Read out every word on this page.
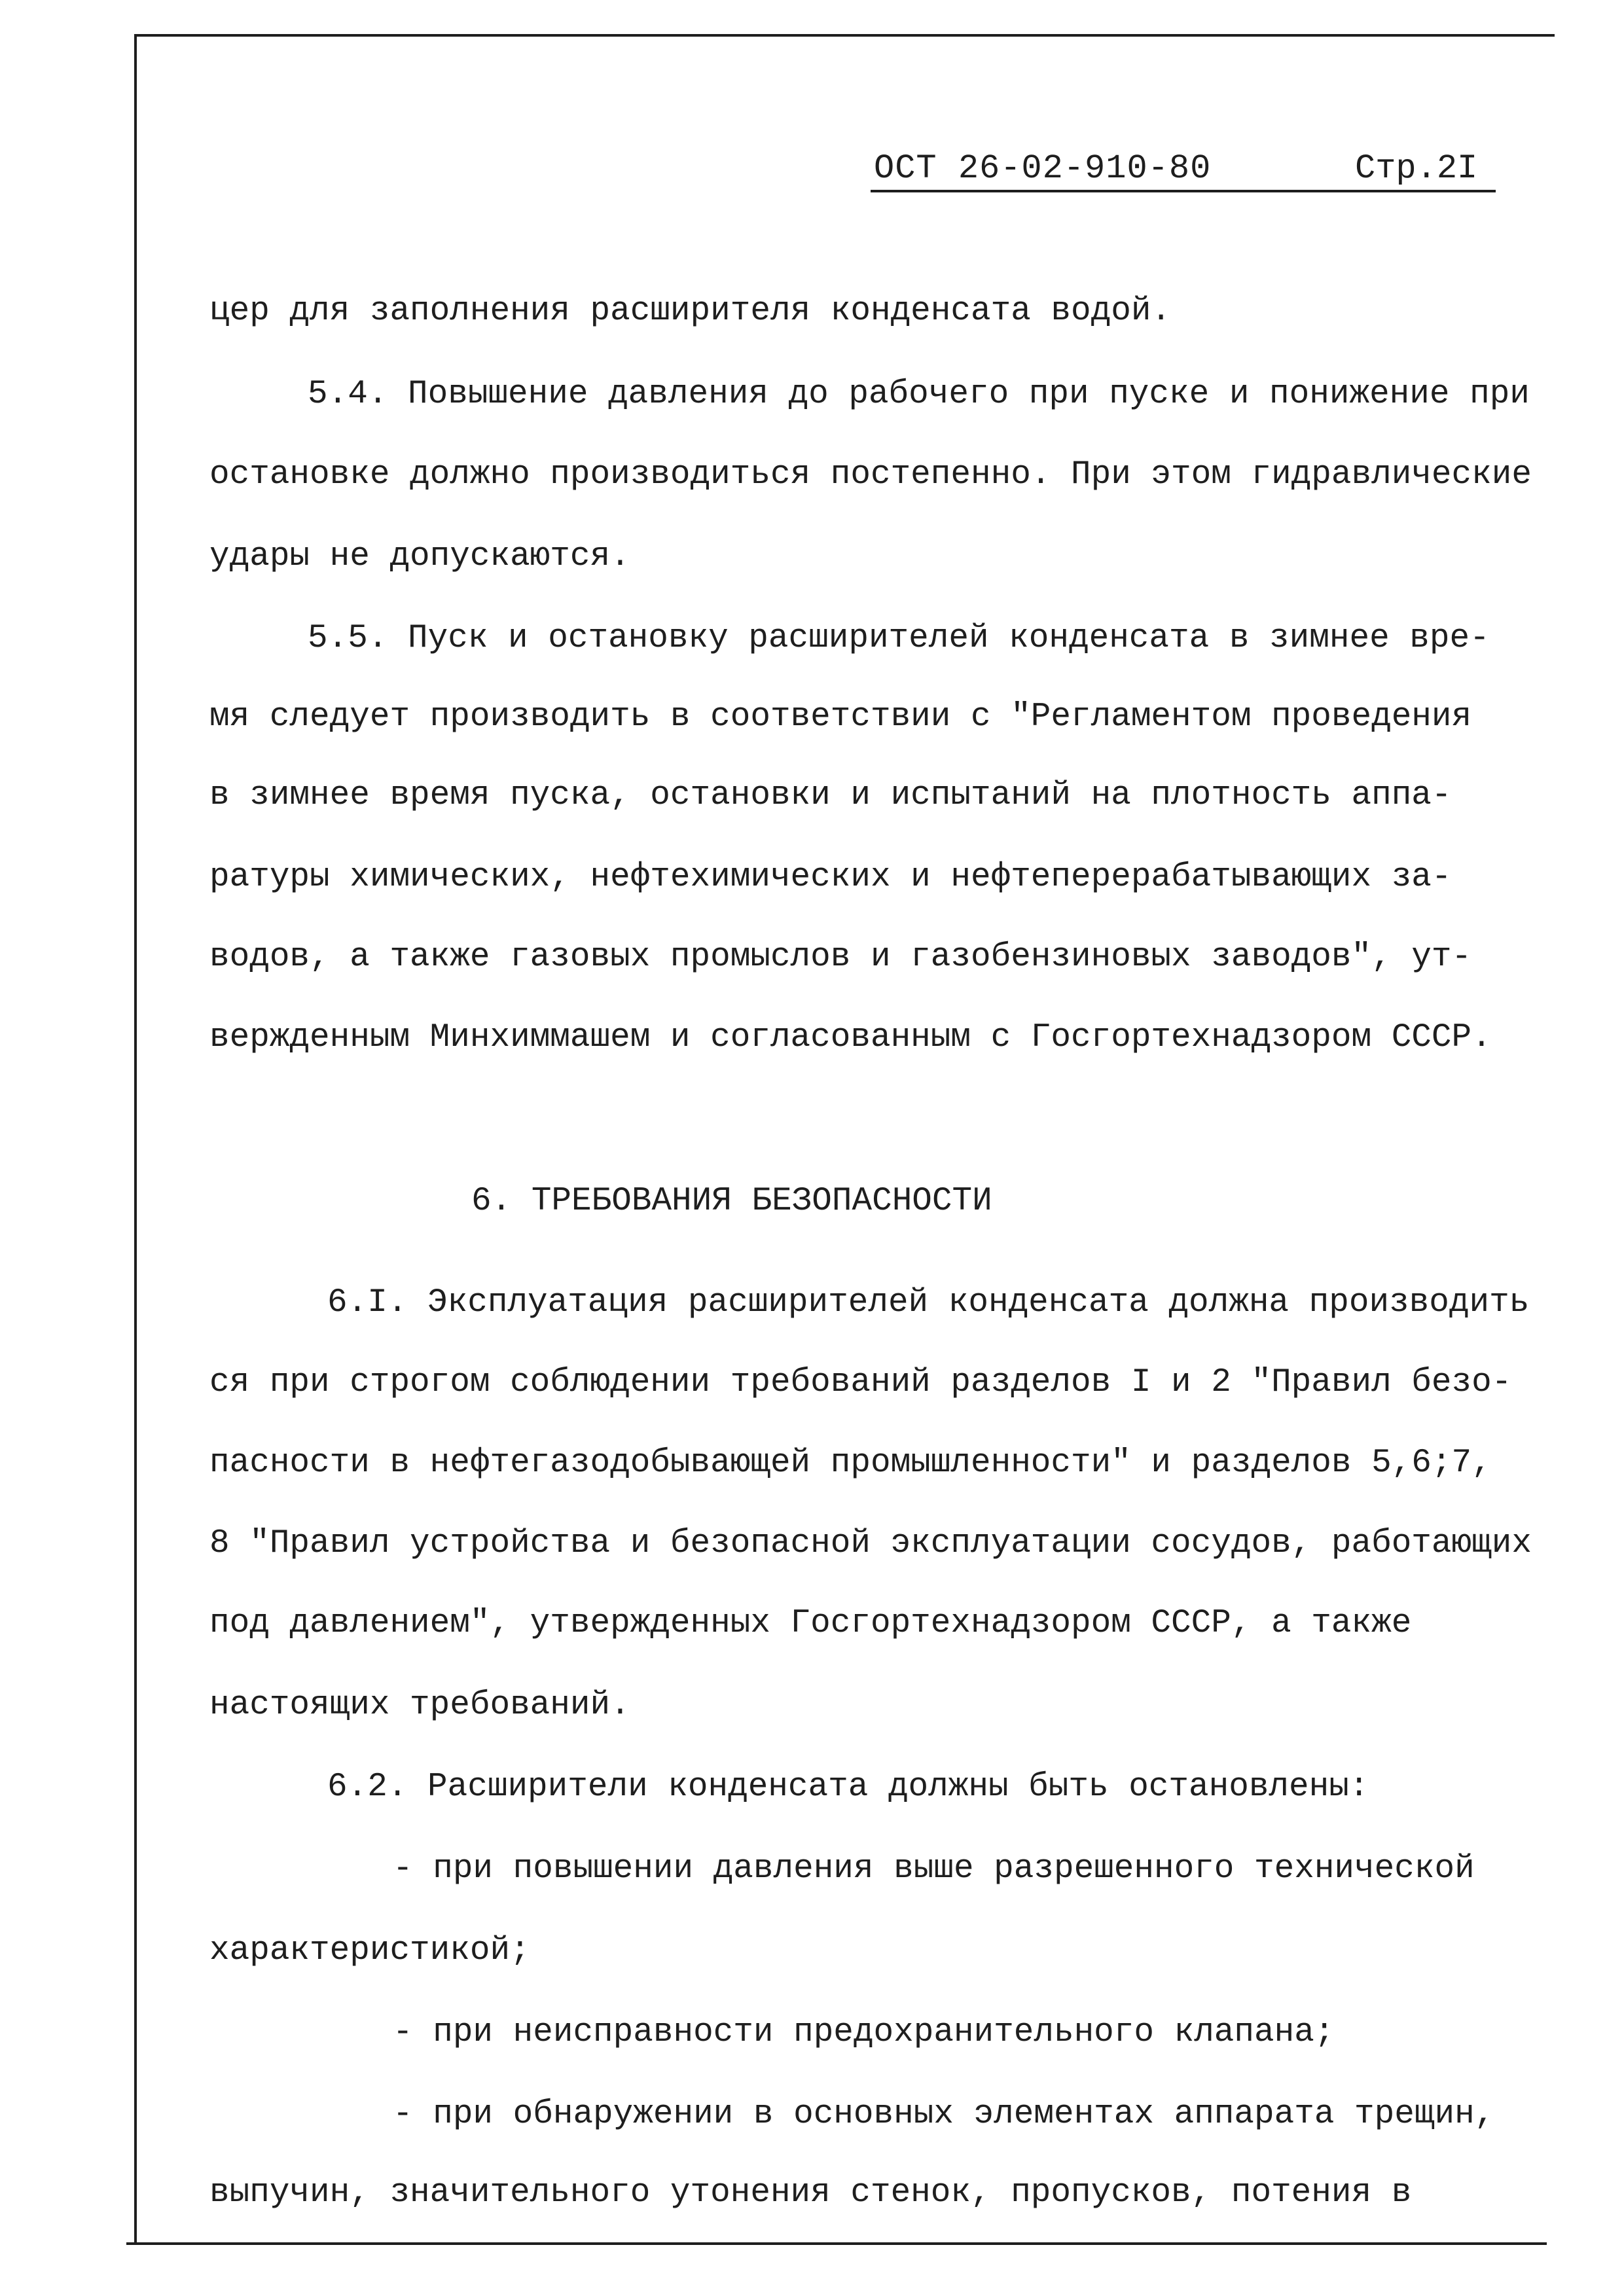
ОСТ 26-02-910-80	Стр.2I
цер для заполнения расширителя конденсата водой.
5.4. Повышение давления до рабочего при пуске и понижение при
остановке должно производиться постепенно. При этом гидравлические
удары не допускаются.
5.5. Пуск и остановку расширителей конденсата в зимнее вре-
мя следует производить в соответствии с "Регламентом проведения
в зимнее время пуска, остановки и испытаний на плотность аппа-
ратуры химических, нефтехимических и нефтеперерабатывающих за-
водов, а также газовых промыслов и газобензиновых заводов", ут-
вержденным Минхиммашем и согласованным с Госгортехнадзором СССР.
6. ТРЕБОВАНИЯ БЕЗОПАСНОСТИ
6.I. Эксплуатация расширителей конденсата должна производить
ся при строгом соблюдении требований разделов I и 2 "Правил безо-
пасности в нефтегазодобывающей промышленности" и разделов 5,6;7,
8 "Правил устройства и безопасной эксплуатации сосудов, работающих
под давлением", утвержденных Госгортехнадзором СССР, а также
настоящих требований.
6.2. Расширители конденсата должны быть остановлены:
- при повышении давления выше разрешенного технической
характеристикой;
- при неисправности предохранительного клапана;
- при обнаружении в основных элементах аппарата трещин,
выпучин, значительного утонения стенок, пропусков, потения в
